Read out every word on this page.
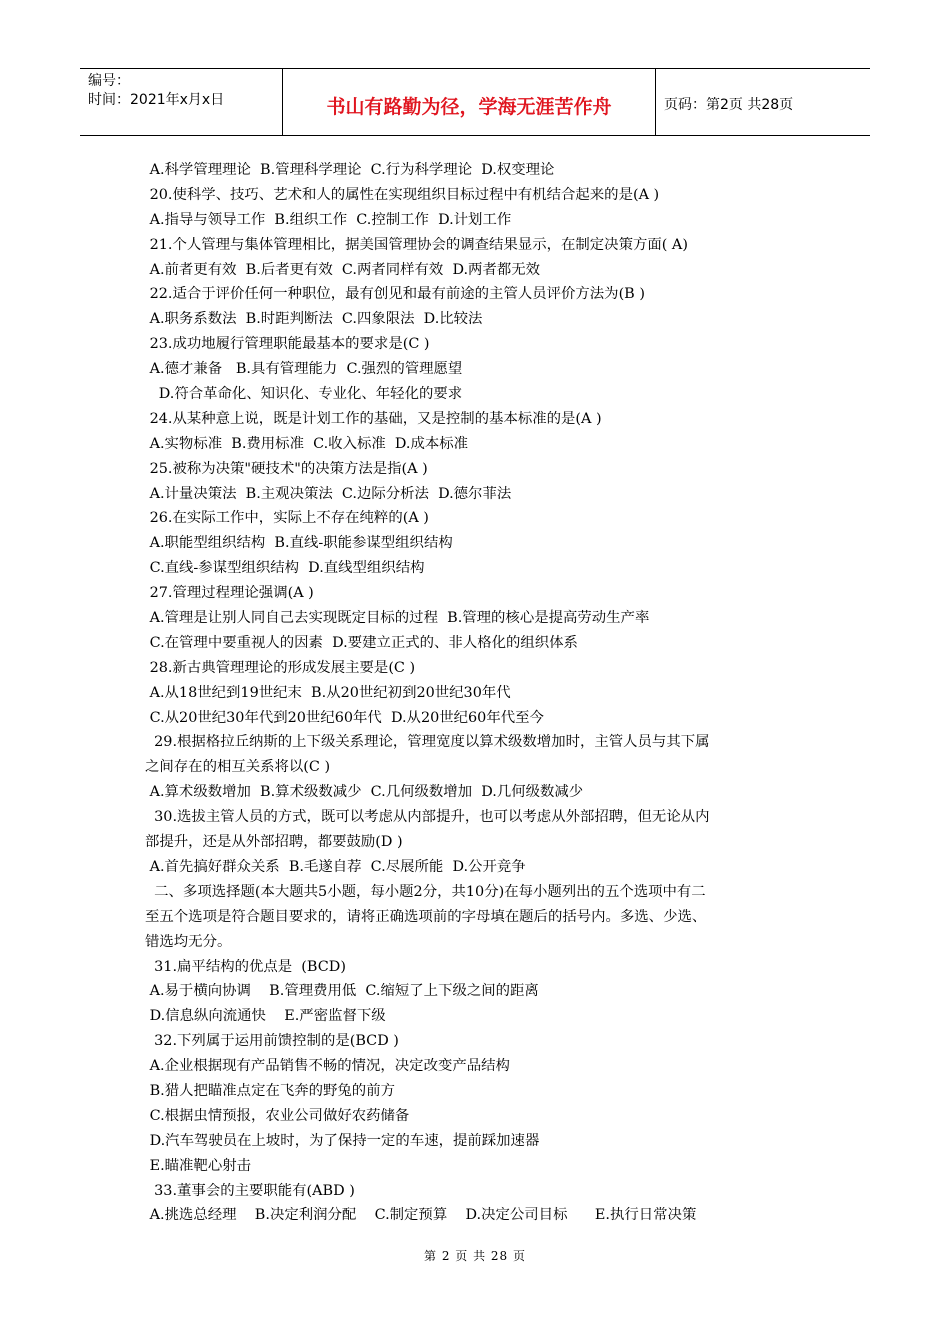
编号：
时间：2021年x月x日	书山有路勤为径，学海无涯苦作舟	页码：第2页 共28页
A.科学管理理论  B.管理科学理论  C.行为科学理论  D.权变理论
20.使科学、技巧、艺术和人的属性在实现组织目标过程中有机结合起来的是(A )
A.指导与领导工作  B.组织工作  C.控制工作  D.计划工作
21.个人管理与集体管理相比，据美国管理协会的调查结果显示，在制定决策方面( A)
A.前者更有效  B.后者更有效  C.两者同样有效  D.两者都无效
22.适合于评价任何一种职位，最有创见和最有前途的主管人员评价方法为(B )
A.职务系数法  B.时距判断法  C.四象限法  D.比较法
23.成功地履行管理职能最基本的要求是(C )
A.德才兼备   B.具有管理能力  C.强烈的管理愿望
D.符合革命化、知识化、专业化、年轻化的要求
24.从某种意上说，既是计划工作的基础，又是控制的基本标准的是(A )
A.实物标准  B.费用标准  C.收入标准  D.成本标准
25.被称为决策"硬技术"的决策方法是指(A )
A.计量决策法  B.主观决策法  C.边际分析法  D.德尔菲法
26.在实际工作中，实际上不存在纯粹的(A )
A.职能型组织结构  B.直线-职能参谋型组织结构
C.直线-参谋型组织结构  D.直线型组织结构
27.管理过程理论强调(A )
A.管理是让别人同自己去实现既定目标的过程  B.管理的核心是提高劳动生产率
C.在管理中要重视人的因素  D.要建立正式的、非人格化的组织体系
28.新古典管理理论的形成发展主要是(C )
A.从18世纪到19世纪末  B.从20世纪初到20世纪30年代
C.从20世纪30年代到20世纪60年代  D.从20世纪60年代至今
29.根据格拉丘纳斯的上下级关系理论，管理宽度以算术级数增加时，主管人员与其下属
之间存在的相互关系将以(C )
A.算术级数增加  B.算术级数减少  C.几何级数增加  D.几何级数减少
30.选拔主管人员的方式，既可以考虑从内部提升，也可以考虑从外部招聘，但无论从内
部提升，还是从外部招聘，都要鼓励(D )
A.首先搞好群众关系  B.毛遂自荐  C.尽展所能  D.公开竞争
二、多项选择题(本大题共5小题，每小题2分，共10分)在每小题列出的五个选项中有二
至五个选项是符合题目要求的，请将正确选项前的字母填在题后的括号内。多选、少选、
错选均无分。
31.扁平结构的优点是  (BCD)
A.易于横向协调    B.管理费用低  C.缩短了上下级之间的距离
D.信息纵向流通快    E.严密监督下级
32.下列属于运用前馈控制的是(BCD )
A.企业根据现有产品销售不畅的情况，决定改变产品结构
B.猎人把瞄准点定在飞奔的野兔的前方
C.根据虫情预报，农业公司做好农药储备
D.汽车驾驶员在上坡时，为了保持一定的车速，提前踩加速器
E.瞄准靶心射击
33.董事会的主要职能有(ABD )
A.挑选总经理    B.决定利润分配    C.制定预算    D.决定公司目标      E.执行日常决策
第 2 页 共 28 页
